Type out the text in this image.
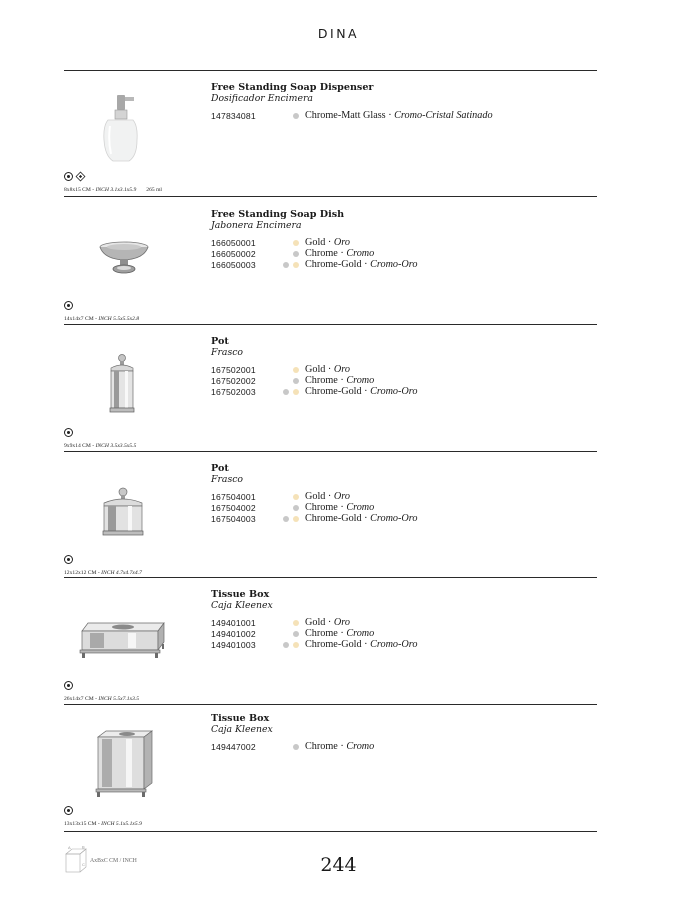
DINA
Free Standing Soap Dispenser
Dosificador Encimera
147834081	Chrome-Matt Glass · Cromo-Cristal Satinado
8x8x15 CM - INCH 3.1x3.1x5.9 265 ml
Free Standing Soap Dish
Jabonera Encimera
166050001	Gold · Oro
166050002	Chrome · Cromo
166050003	Chrome-Gold · Cromo-Oro
14x14x7 CM - INCH 5.5x5.5x2.8
Pot
Frasco
167502001	Gold · Oro
167502002	Chrome · Cromo
167502003	Chrome-Gold · Cromo-Oro
9x9x14 CM - INCH 3.5x3.5x5.5
Pot
Frasco
167504001	Gold · Oro
167504002	Chrome · Cromo
167504003	Chrome-Gold · Cromo-Oro
12x12x12 CM - INCH 4.7x4.7x4.7
Tissue Box
Caja Kleenex
149401001	Gold · Oro
149401002	Chrome · Cromo
149401003	Chrome-Gold · Cromo-Oro
26x14x7 CM - INCH 5.5x7.1x3.5
Tissue Box
Caja Kleenex
149447002	Chrome · Cromo
13x13x15 CM - INCH 5.1x5.1x5.9
A	B
C
AxBxC CM / INCH	244
